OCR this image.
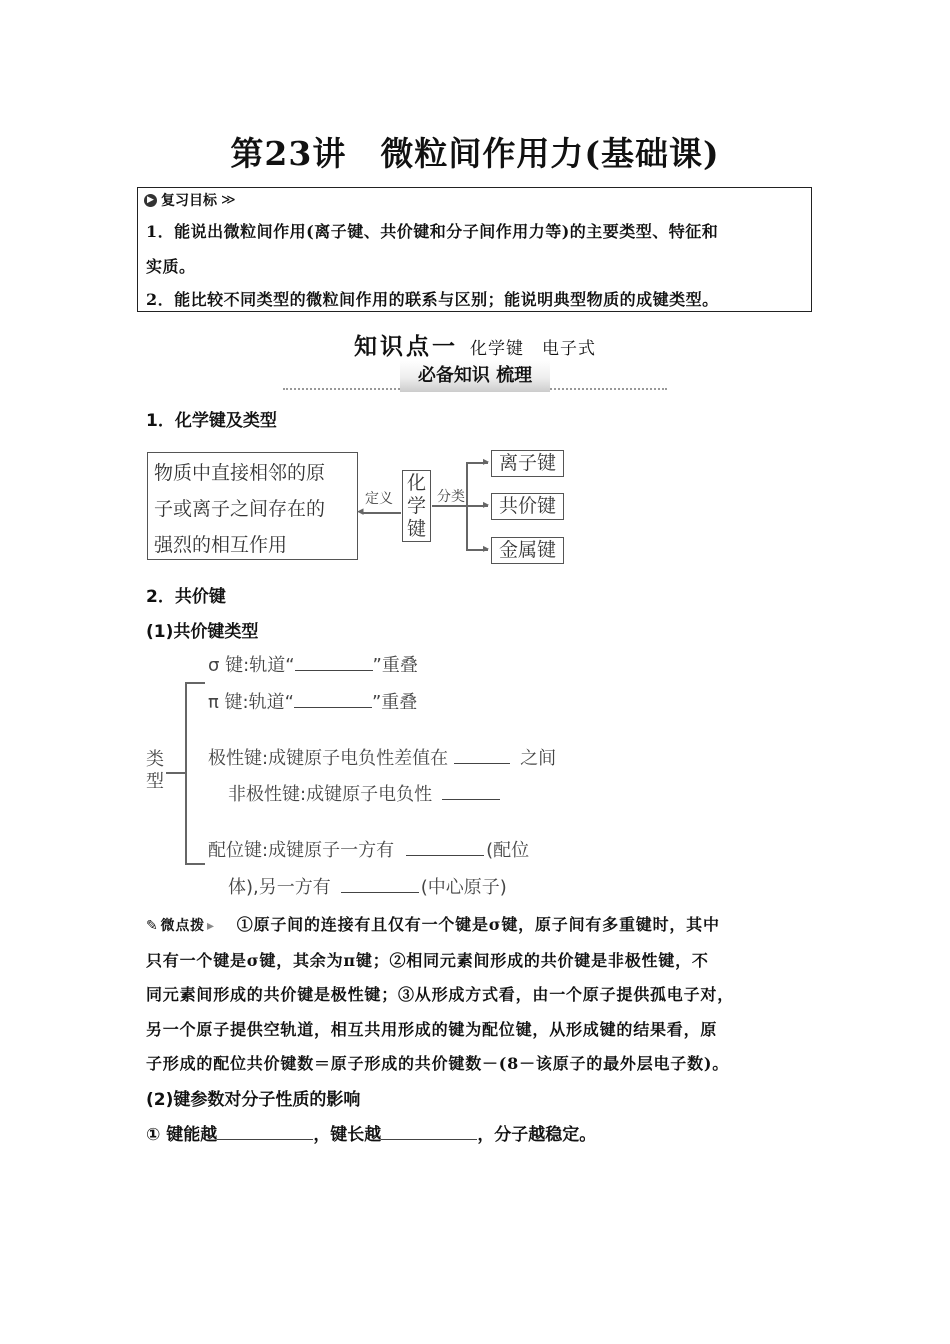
第23讲　微粒间作用力(基础课)
▶ 复习目标 ≫
1．能说出微粒间作用(离子键、共价键和分子间作用力等)的主要类型、特征和
实质。
2．能比较不同类型的微粒间作用的联系与区别；能说明典型物质的成键类型。
知识点一 化学键　电子式
必备知识 梳理
1．化学键及类型
物质中直接相邻的原
子或离子之间存在的
强烈的相互作用
定义
◂
化
学
键
分类
▸
▸
▸
离子键
共价键
金属键
2．共价键
(1)共价键类型
类
型
σ 键:轨道“	”重叠
π 键:轨道“	”重叠
极性键:成键原子电负性差值在	之间
非极性键:成键原子电负性
配位键:成键原子一方有	(配位
体),另一方有	(中心原子)
✎ 微点拨 ▸ ①原子间的连接有且仅有一个键是σ键，原子间有多重键时，其中
只有一个键是σ键，其余为π键；②相同元素间形成的共价键是非极性键，不
同元素间形成的共价键是极性键；③从形成方式看，由一个原子提供孤电子对，
另一个原子提供空轨道，相互共用形成的键为配位键，从形成键的结果看，原
子形成的配位共价键数＝原子形成的共价键数－(8－该原子的最外层电子数)。
(2)键参数对分子性质的影响
① 键能越	，键长越	，分子越稳定。
